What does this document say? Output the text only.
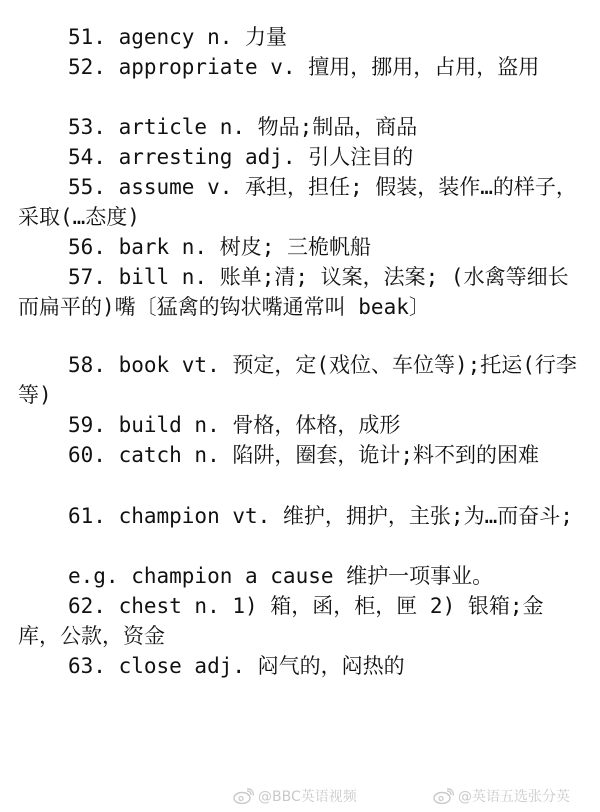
51. agency n. 力量
52. appropriate v. 擅用，挪用，占用，盗用
53. article n. 物品;制品，商品
54. arresting adj. 引人注目的
55. assume v. 承担，担任; 假装，装作…的样子，采取(…态度)
56. bark n. 树皮; 三桅帆船
57. bill n. 账单;清; 议案，法案; (水禽等细长而扁平的)嘴〔猛禽的钩状嘴通常叫 beak〕
58. book vt. 预定，定(戏位、车位等);托运(行李等)
59. build n. 骨格，体格，成形
60. catch n. 陷阱，圈套，诡计;料不到的困难
61. champion vt. 维护，拥护，主张;为…而奋斗;
e.g. champion a cause 维护一项事业。
62. chest n. 1) 箱，函，柜，匣 2) 银箱;金库，公款，资金
63. close adj. 闷气的，闷热的
@BBC英语视频	@英语五选张分英
